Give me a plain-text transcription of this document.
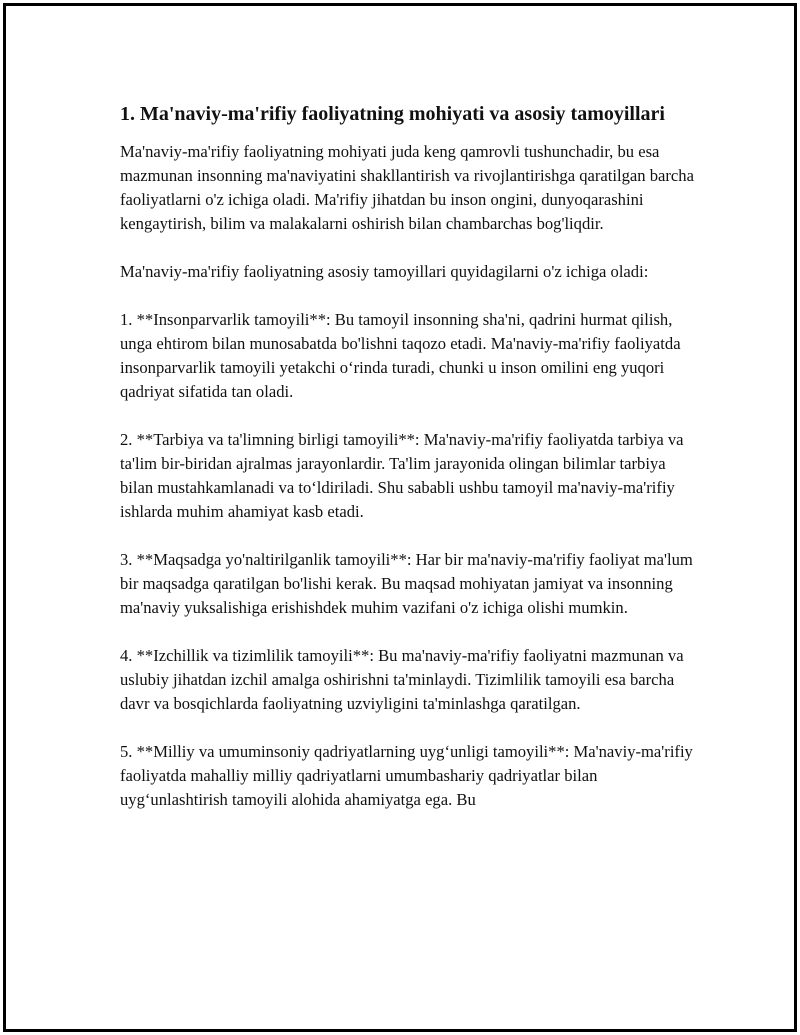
1. Ma'naviy-ma'rifiy faoliyatning mohiyati va asosiy tamoyillari

Ma'naviy-ma'rifiy faoliyatning mohiyati juda keng qamrovli tushunchadir, bu esa mazmunan insonning ma'naviyatini shakllantirish va rivojlantirishga qaratilgan barcha faoliyatlarni o'z ichiga oladi. Ma'rifiy jihatdan bu inson ongini, dunyoqarashini kengaytirish, bilim va malakalarni oshirish bilan chambarchas bog'liqdir.

Ma'naviy-ma'rifiy faoliyatning asosiy tamoyillari quyidagilarni o'z ichiga oladi:

1. **Insonparvarlik tamoyili**: Bu tamoyil insonning sha'ni, qadrini hurmat qilish, unga ehtirom bilan munosabatda bo'lishni taqozo etadi. Ma'naviy-ma'rifiy faoliyatda insonparvarlik tamoyili yetakchi o‘rinda turadi, chunki u inson omilini eng yuqori qadriyat sifatida tan oladi.

2. **Tarbiya va ta'limning birligi tamoyili**: Ma'naviy-ma'rifiy faoliyatda tarbiya va ta'lim bir-biridan ajralmas jarayonlardir. Ta'lim jarayonida olingan bilimlar tarbiya bilan mustahkamlanadi va to‘ldiriladi. Shu sababli ushbu tamoyil ma'naviy-ma'rifiy ishlarda muhim ahamiyat kasb etadi.

3. **Maqsadga yo'naltirilganlik tamoyili**: Har bir ma'naviy-ma'rifiy faoliyat ma'lum bir maqsadga qaratilgan bo'lishi kerak. Bu maqsad mohiyatan jamiyat va insonning ma'naviy yuksalishiga erishishdek muhim vazifani o'z ichiga olishi mumkin.

4. **Izchillik va tizimlilik tamoyili**: Bu ma'naviy-ma'rifiy faoliyatni mazmunan va uslubiy jihatdan izchil amalga oshirishni ta'minlaydi. Tizimlilik tamoyili esa barcha davr va bosqichlarda faoliyatning uzviyligini ta'minlashga qaratilgan.

5. **Milliy va umuminsoniy qadriyatlarning uyg‘unligi tamoyili**: Ma'naviy-ma'rifiy faoliyatda mahalliy milliy qadriyatlarni umumbashariy qadriyatlar bilan uyg‘unlashtirish tamoyili alohida ahamiyatga ega. Bu
